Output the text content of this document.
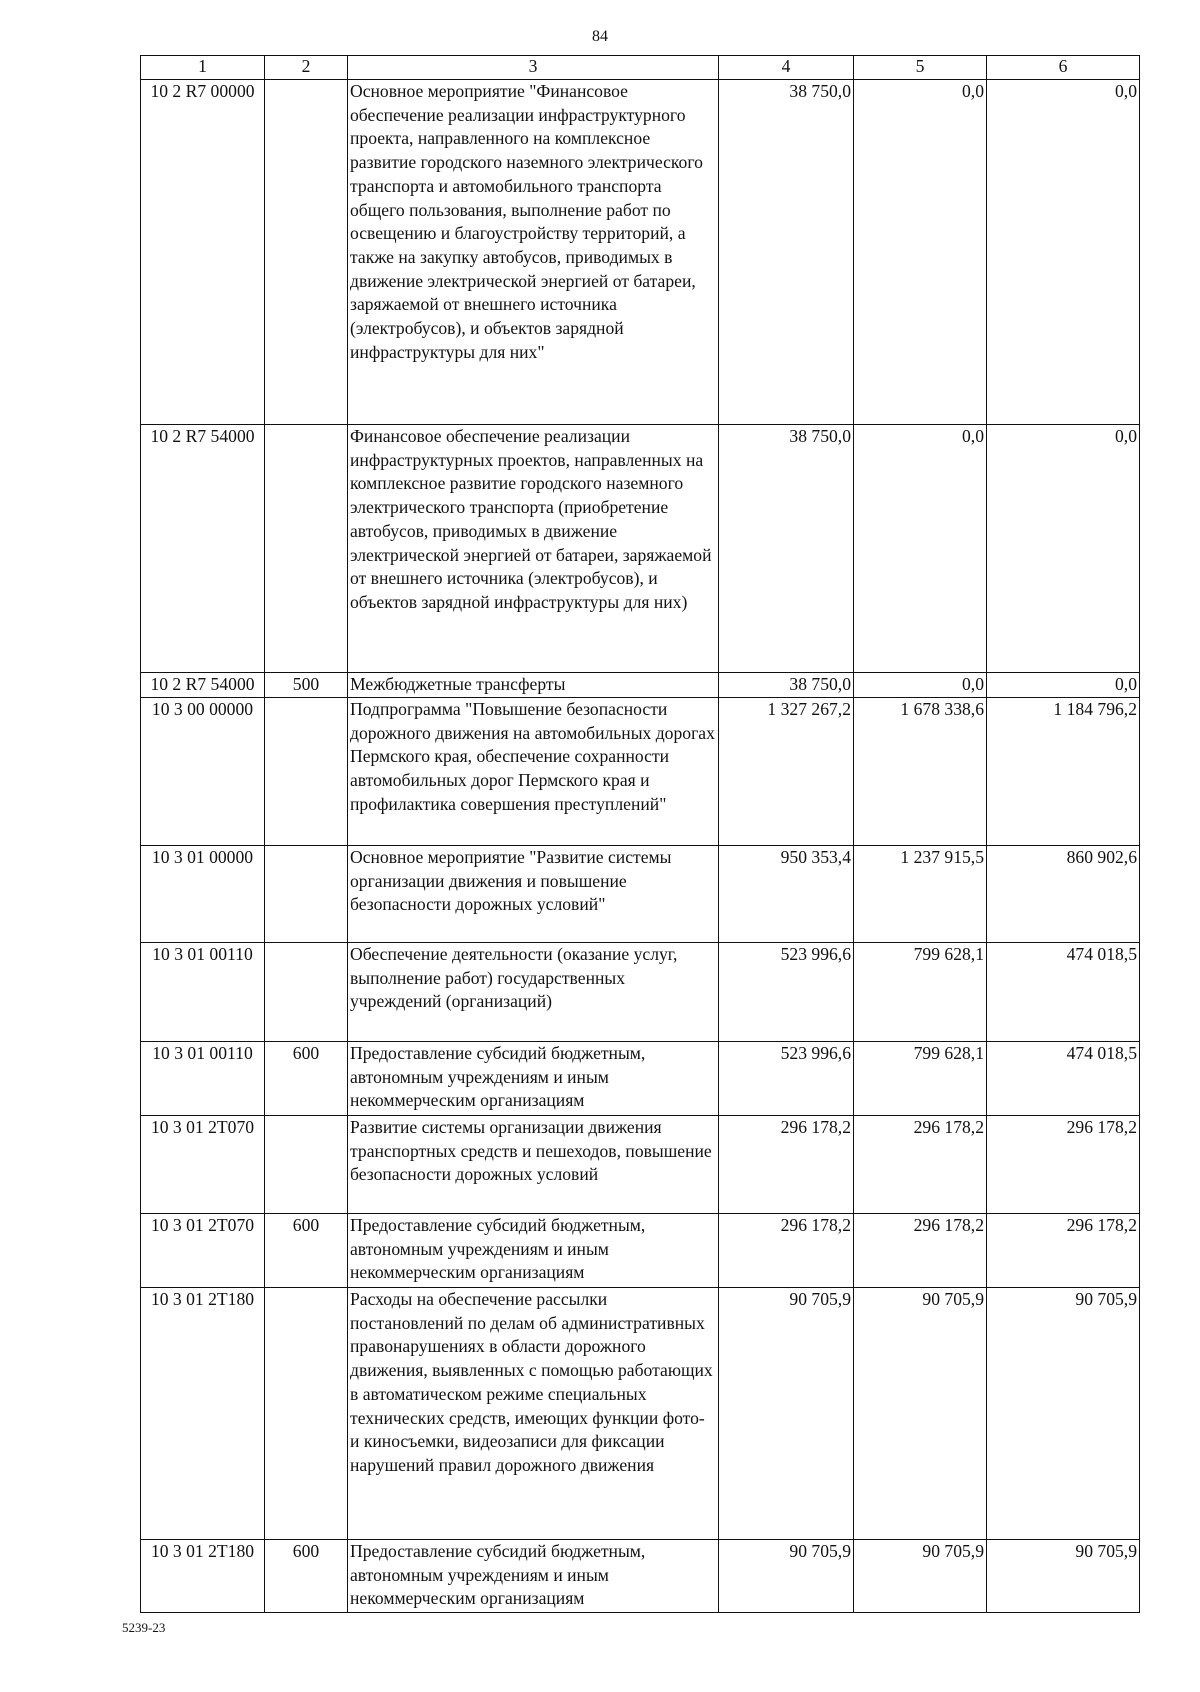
84
1	2	3	4	5	6
10 2 R7 00000		Основное мероприятие "Финансовое обеспечение реализации инфраструктурного проекта, направленного на комплексное развитие городского наземного электрического транспорта и автомобильного транспорта общего пользования, выполнение работ по освещению и благоустройству территорий, а также на закупку автобусов, приводимых в движение электрической энергией от батареи, заряжаемой от внешнего источника (электробусов), и объектов зарядной инфраструктуры для них"	38 750,0	0,0	0,0
10 2 R7 54000		Финансовое обеспечение реализации инфраструктурных проектов, направленных на комплексное развитие городского наземного электрического транспорта (приобретение автобусов, приводимых в движение электрической энергией от батареи, заряжаемой от внешнего источника (электробусов), и объектов зарядной инфраструктуры для них)	38 750,0	0,0	0,0
10 2 R7 54000	500	Межбюджетные трансферты	38 750,0	0,0	0,0
10 3 00 00000		Подпрограмма "Повышение безопасности дорожного движения на автомобильных дорогах Пермского края, обеспечение сохранности автомобильных дорог Пермского края и профилактика совершения преступлений"	1 327 267,2	1 678 338,6	1 184 796,2
10 3 01 00000		Основное мероприятие "Развитие системы организации движения и повышение безопасности дорожных условий"	950 353,4	1 237 915,5	860 902,6
10 3 01 00110		Обеспечение деятельности (оказание услуг, выполнение работ) государственных учреждений (организаций)	523 996,6	799 628,1	474 018,5
10 3 01 00110	600	Предоставление субсидий бюджетным, автономным учреждениям и иным некоммерческим организациям	523 996,6	799 628,1	474 018,5
10 3 01 2Т070		Развитие системы организации движения транспортных средств и пешеходов, повышение безопасности дорожных условий	296 178,2	296 178,2	296 178,2
10 3 01 2Т070	600	Предоставление субсидий бюджетным, автономным учреждениям и иным некоммерческим организациям	296 178,2	296 178,2	296 178,2
10 3 01 2Т180		Расходы на обеспечение рассылки постановлений по делам об административных правонарушениях в области дорожного движения, выявленных с помощью работающих в автоматическом режиме специальных технических средств, имеющих функции фото- и киносъемки, видеозаписи для фиксации нарушений правил дорожного движения	90 705,9	90 705,9	90 705,9
10 3 01 2Т180	600	Предоставление субсидий бюджетным, автономным учреждениям и иным некоммерческим организациям	90 705,9	90 705,9	90 705,9
5239-23
